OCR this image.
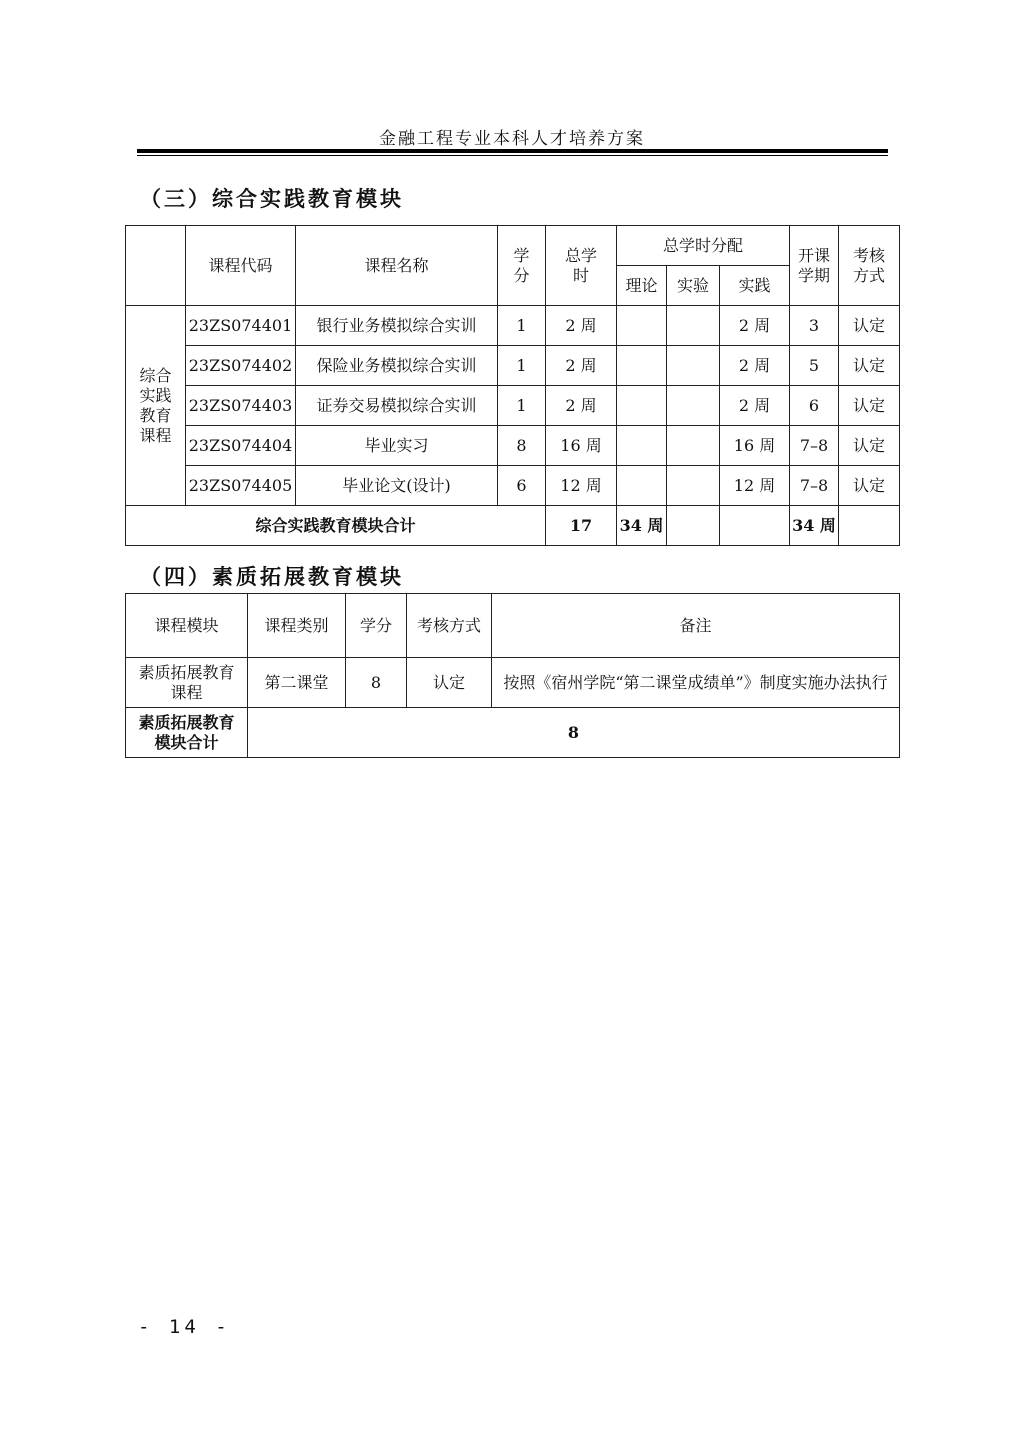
金融工程专业本科人才培养方案
（三）综合实践教育模块
	课程代码	课程名称	学分	总学时	总学时分配			开课学期	考核方式	

					理论	实验	实践			

综合实践教育课程	23ZS074401	银行业务模拟综合实训	1	2 周			2 周	3	认定	
	23ZS074402	保险业务模拟综合实训	1	2 周			2 周	5	认定	
	23ZS074403	证券交易模拟综合实训	1	2 周			2 周	6	认定	
	23ZS074404	毕业实习	8	16 周			16 周	7–8	认定	
	23ZS074405	毕业论文(设计)	6	12 周			12 周	7–8	认定	
综合实践教育模块合计				17	34 周			34 周		
（四）素质拓展教育模块
课程模块	课程类别	学分	考核方式	备注

素质拓展教育课程	第二课堂	8	认定	按照《宿州学院“第二课堂成绩单”》制度实施办法执行

素质拓展教育模块合计	8			
- 14 -
